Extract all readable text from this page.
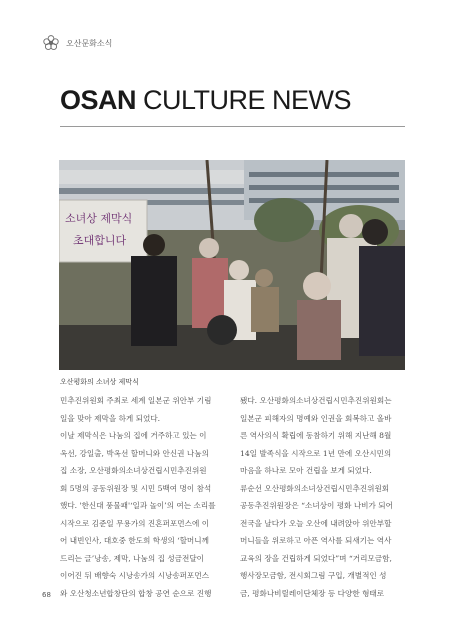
오산문화소식
OSAN CULTURE NEWS
소녀상 제막식
초대합니다
오산평화의 소녀상 제막식
민추진위원회 주최로 세계 일본군 위안부 기림
일을 맞아 제막을 하게 되었다.
이날 제막식은 나눔의 집에 거주하고 있는 이
옥선, 강일출, 박옥선 할머니와 안신권 나눔의
집 소장, 오산평화의소녀상건립시민추진위원
회 5명의 공동위원장 및 시민 5백여 명이 참석
했다. '한신대 풍물패'‘일과 놀이’의 여는 소리를
시작으로 김준일 무용가의 진혼퍼포먼스에 이
어 내빈인사, 대호중 한도희 학생의 ‘할머니께
드리는 글’낭송, 제막, 나눔의 집 성금전달이
이어진 뒤 배향숙 시낭송가의 시낭송퍼포먼스
와 오산청소년합창단의 합창 공연 순으로 진행
됐다. 오산평화의소녀상건립시민추진위원회는
일본군 피해자의 명예와 인권을 회복하고 올바
른 역사의식 확립에 동참하기 위해 지난해 8월
14일 발족식을 시작으로 1년 만에 오산시민의
마음을 하나로 모아 건립을 보게 되었다.
류순선 오산평화의소녀상건립시민추진위원회
공동추진위원장은 “소녀상이 평화 나비가 되어
전국을 날다가 오늘 오산에 내려앉아 위안부할
머니들을 위로하고 아픈 역사를 되새기는 역사
교육의 장을 건립하게 되었다”며 “거리모금함,
행사장모금함, 전시회그림 구입, 개별적인 성
금, 평화나비릴레이단체장 등 다양한 형태로
68
